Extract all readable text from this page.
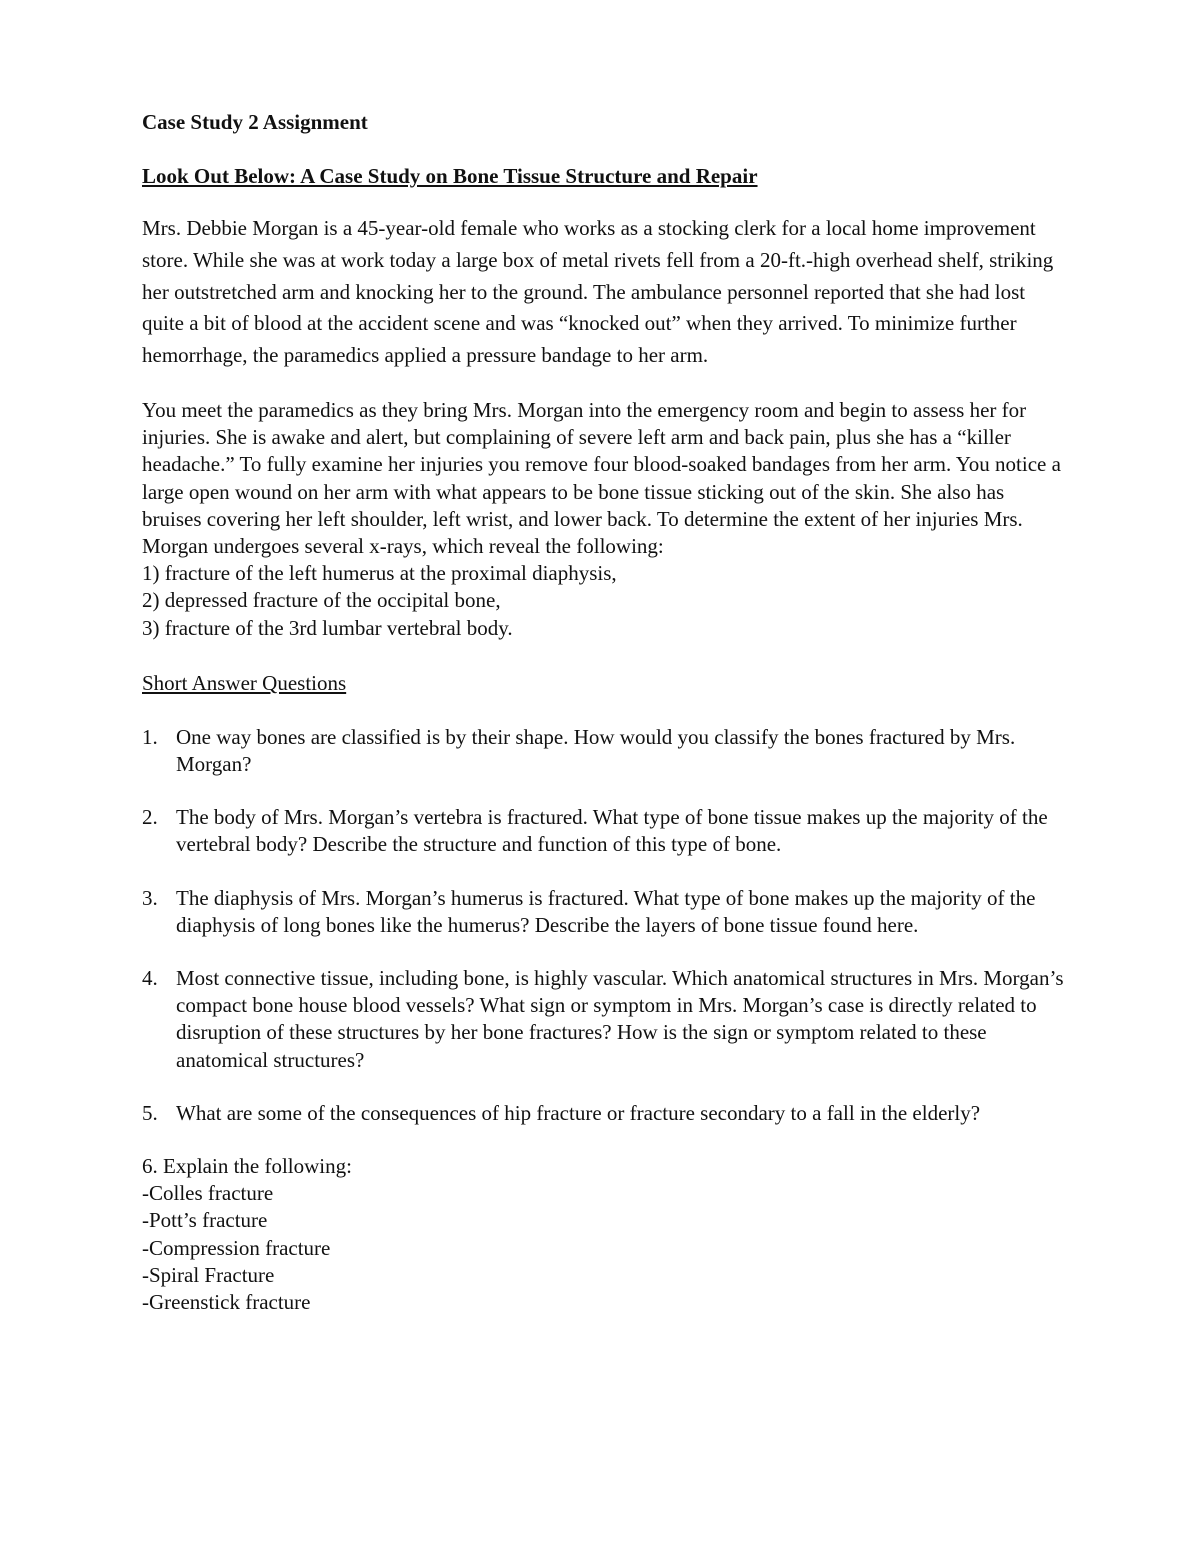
Case Study 2 Assignment

Look Out Below: A Case Study on Bone Tissue Structure and Repair

Mrs. Debbie Morgan is a 45-year-old female who works as a stocking clerk for a local home improvement store. While she was at work today a large box of metal rivets fell from a 20-ft.-high overhead shelf, striking her outstretched arm and knocking her to the ground. The ambulance personnel reported that she had lost quite a bit of blood at the accident scene and was “knocked out” when they arrived. To minimize further hemorrhage, the paramedics applied a pressure bandage to her arm.

You meet the paramedics as they bring Mrs. Morgan into the emergency room and begin to assess her for injuries. She is awake and alert, but complaining of severe left arm and back pain, plus she has a “killer headache.” To fully examine her injuries you remove four blood-soaked bandages from her arm. You notice a large open wound on her arm with what appears to be bone tissue sticking out of the skin. She also has bruises covering her left shoulder, left wrist, and lower back. To determine the extent of her injuries Mrs. Morgan undergoes several x-rays, which reveal the following:

1) fracture of the left humerus at the proximal diaphysis,
2) depressed fracture of the occipital bone,
3) fracture of the 3rd lumbar vertebral body.

Short Answer Questions

1. One way bones are classified is by their shape. How would you classify the bones fractured by Mrs. Morgan?
2. The body of Mrs. Morgan’s vertebra is fractured. What type of bone tissue makes up the majority of the vertebral body? Describe the structure and function of this type of bone.
3. The diaphysis of Mrs. Morgan’s humerus is fractured. What type of bone makes up the majority of the diaphysis of long bones like the humerus? Describe the layers of bone tissue found here.
4. Most connective tissue, including bone, is highly vascular. Which anatomical structures in Mrs. Morgan’s compact bone house blood vessels? What sign or symptom in Mrs. Morgan’s case is directly related to disruption of these structures by her bone fractures? How is the sign or symptom related to these anatomical structures?
5. What are some of the consequences of hip fracture or fracture secondary to a fall in the elderly?

6. Explain the following:

-Colles fracture
-Pott’s fracture
-Compression fracture
-Spiral Fracture
-Greenstick fracture
